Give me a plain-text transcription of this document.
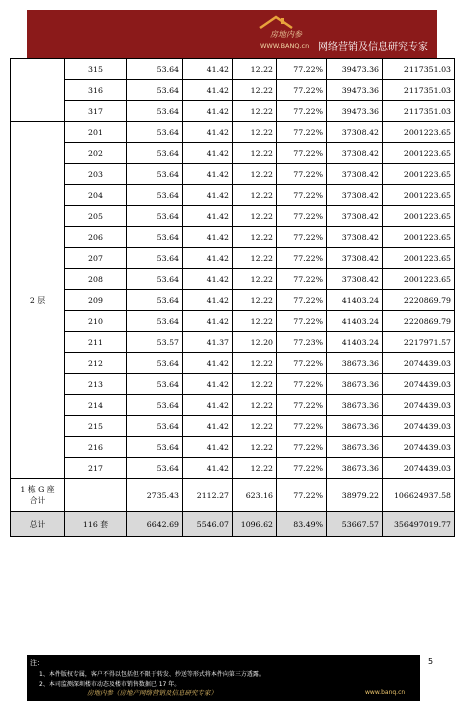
房地内参
WWW.BANQ.cn 网络营销及信息研究专家
	315	53.64	41.42	12.22	77.22%	39473.36	2117351.03
	316	53.64	41.42	12.22	77.22%	39473.36	2117351.03
	317	53.64	41.42	12.22	77.22%	39473.36	2117351.03
2 层	201	53.64	41.42	12.22	77.22%	37308.42	2001223.65
	202	53.64	41.42	12.22	77.22%	37308.42	2001223.65
	203	53.64	41.42	12.22	77.22%	37308.42	2001223.65
	204	53.64	41.42	12.22	77.22%	37308.42	2001223.65
	205	53.64	41.42	12.22	77.22%	37308.42	2001223.65
	206	53.64	41.42	12.22	77.22%	37308.42	2001223.65
	207	53.64	41.42	12.22	77.22%	37308.42	2001223.65
	208	53.64	41.42	12.22	77.22%	37308.42	2001223.65
	209	53.64	41.42	12.22	77.22%	41403.24	2220869.79
	210	53.64	41.42	12.22	77.22%	41403.24	2220869.79
	211	53.57	41.37	12.20	77.23%	41403.24	2217971.57
	212	53.64	41.42	12.22	77.22%	38673.36	2074439.03
	213	53.64	41.42	12.22	77.22%	38673.36	2074439.03
	214	53.64	41.42	12.22	77.22%	38673.36	2074439.03
	215	53.64	41.42	12.22	77.22%	38673.36	2074439.03
	216	53.64	41.42	12.22	77.22%	38673.36	2074439.03
	217	53.64	41.42	12.22	77.22%	38673.36	2074439.03

1 栋 G 座
合计		2735.43	2112.27	623.16	77.22%	38979.22	106624937.58
总计	116 套	6642.69	5546.07	1096.62	83.49%	53667.57	356497019.77
5
注：
1、本件版权专属，客户不得以包括但不限于转发、抄送等形式将本件向第三方透露。
2、本司监测深圳楼市动态及楼市销售数据已 17 年。
房地内参（房地产网络营销及信息研究专家）	www.banq.cn
